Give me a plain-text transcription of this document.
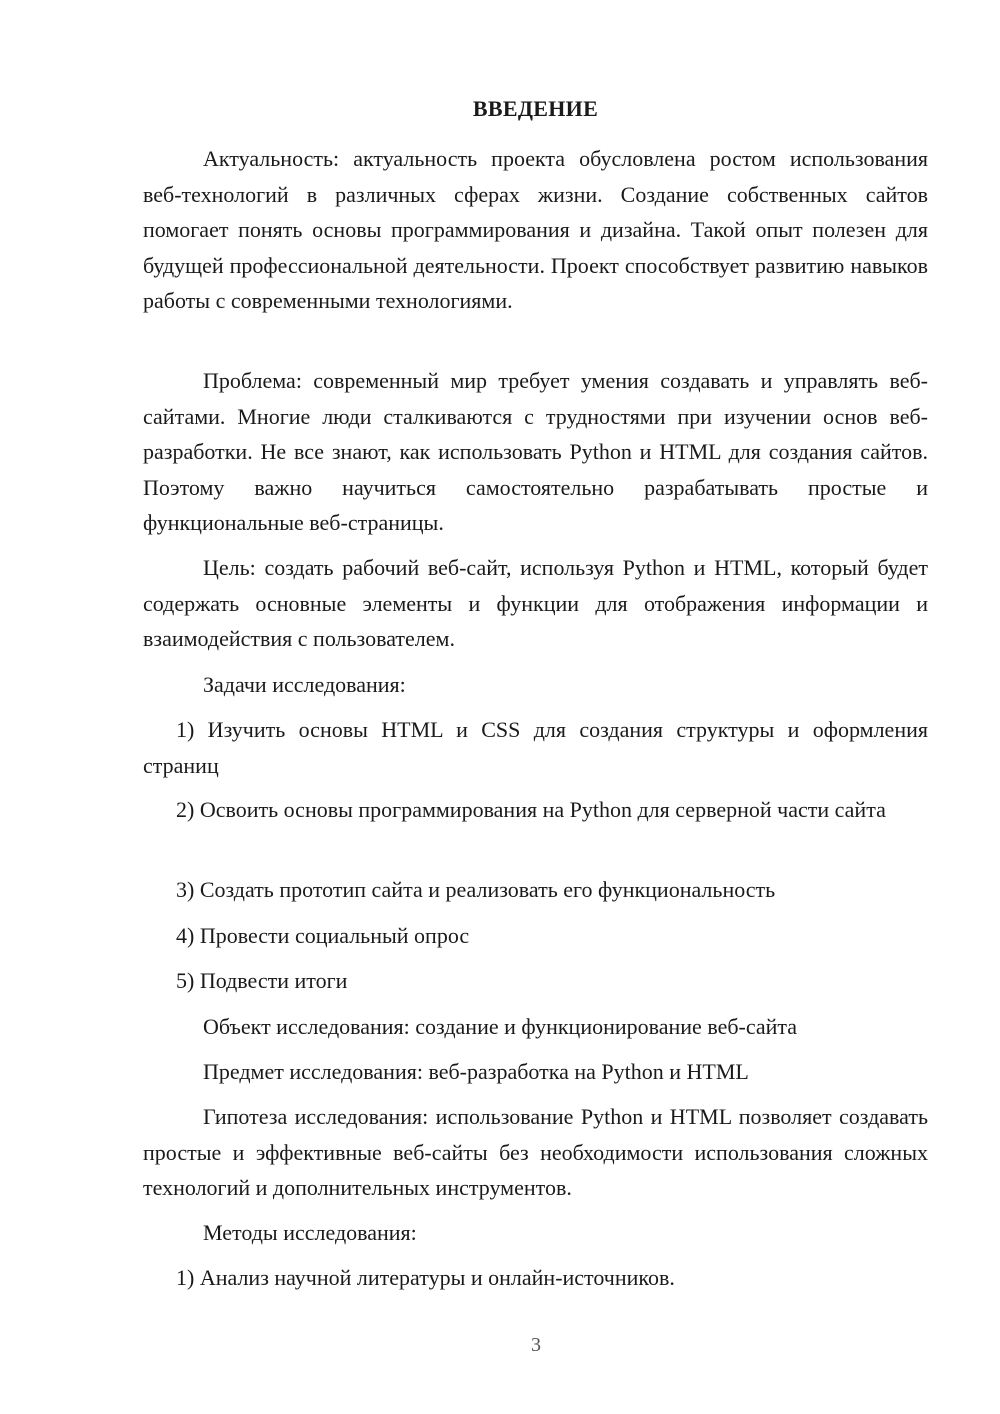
ВВЕДЕНИЕ

Актуальность: актуальность проекта обусловлена ростом использования веб-технологий в различных сферах жизни. Создание собственных сайтов помогает понять основы программирования и дизайна. Такой опыт полезен для будущей профессиональной деятельности. Проект способствует развитию навыков работы с современными технологиями.

Проблема: современный мир требует умения создавать и управлять веб-сайтами. Многие люди сталкиваются с трудностями при изучении основ веб-разработки. Не все знают, как использовать Python и HTML для создания сайтов. Поэтому важно научиться самостоятельно разрабатывать простые и функциональные веб-страницы.

Цель: создать рабочий веб-сайт, используя Python и HTML, который будет содержать основные элементы и функции для отображения информации и взаимодействия с пользователем.

Задачи исследования:

1) Изучить основы HTML и CSS для создания структуры и оформления страниц

2) Освоить основы программирования на Python для серверной части сайта

3) Создать прототип сайта и реализовать его функциональность

4) Провести социальный опрос

5) Подвести итоги

Объект исследования: создание и функционирование веб-сайта

Предмет исследования: веб-разработка на Python и HTML

Гипотеза исследования: использование Python и HTML позволяет создавать простые и эффективные веб-сайты без необходимости использования сложных технологий и дополнительных инструментов.

Методы исследования:

1) Анализ научной литературы и онлайн-источников.

3
